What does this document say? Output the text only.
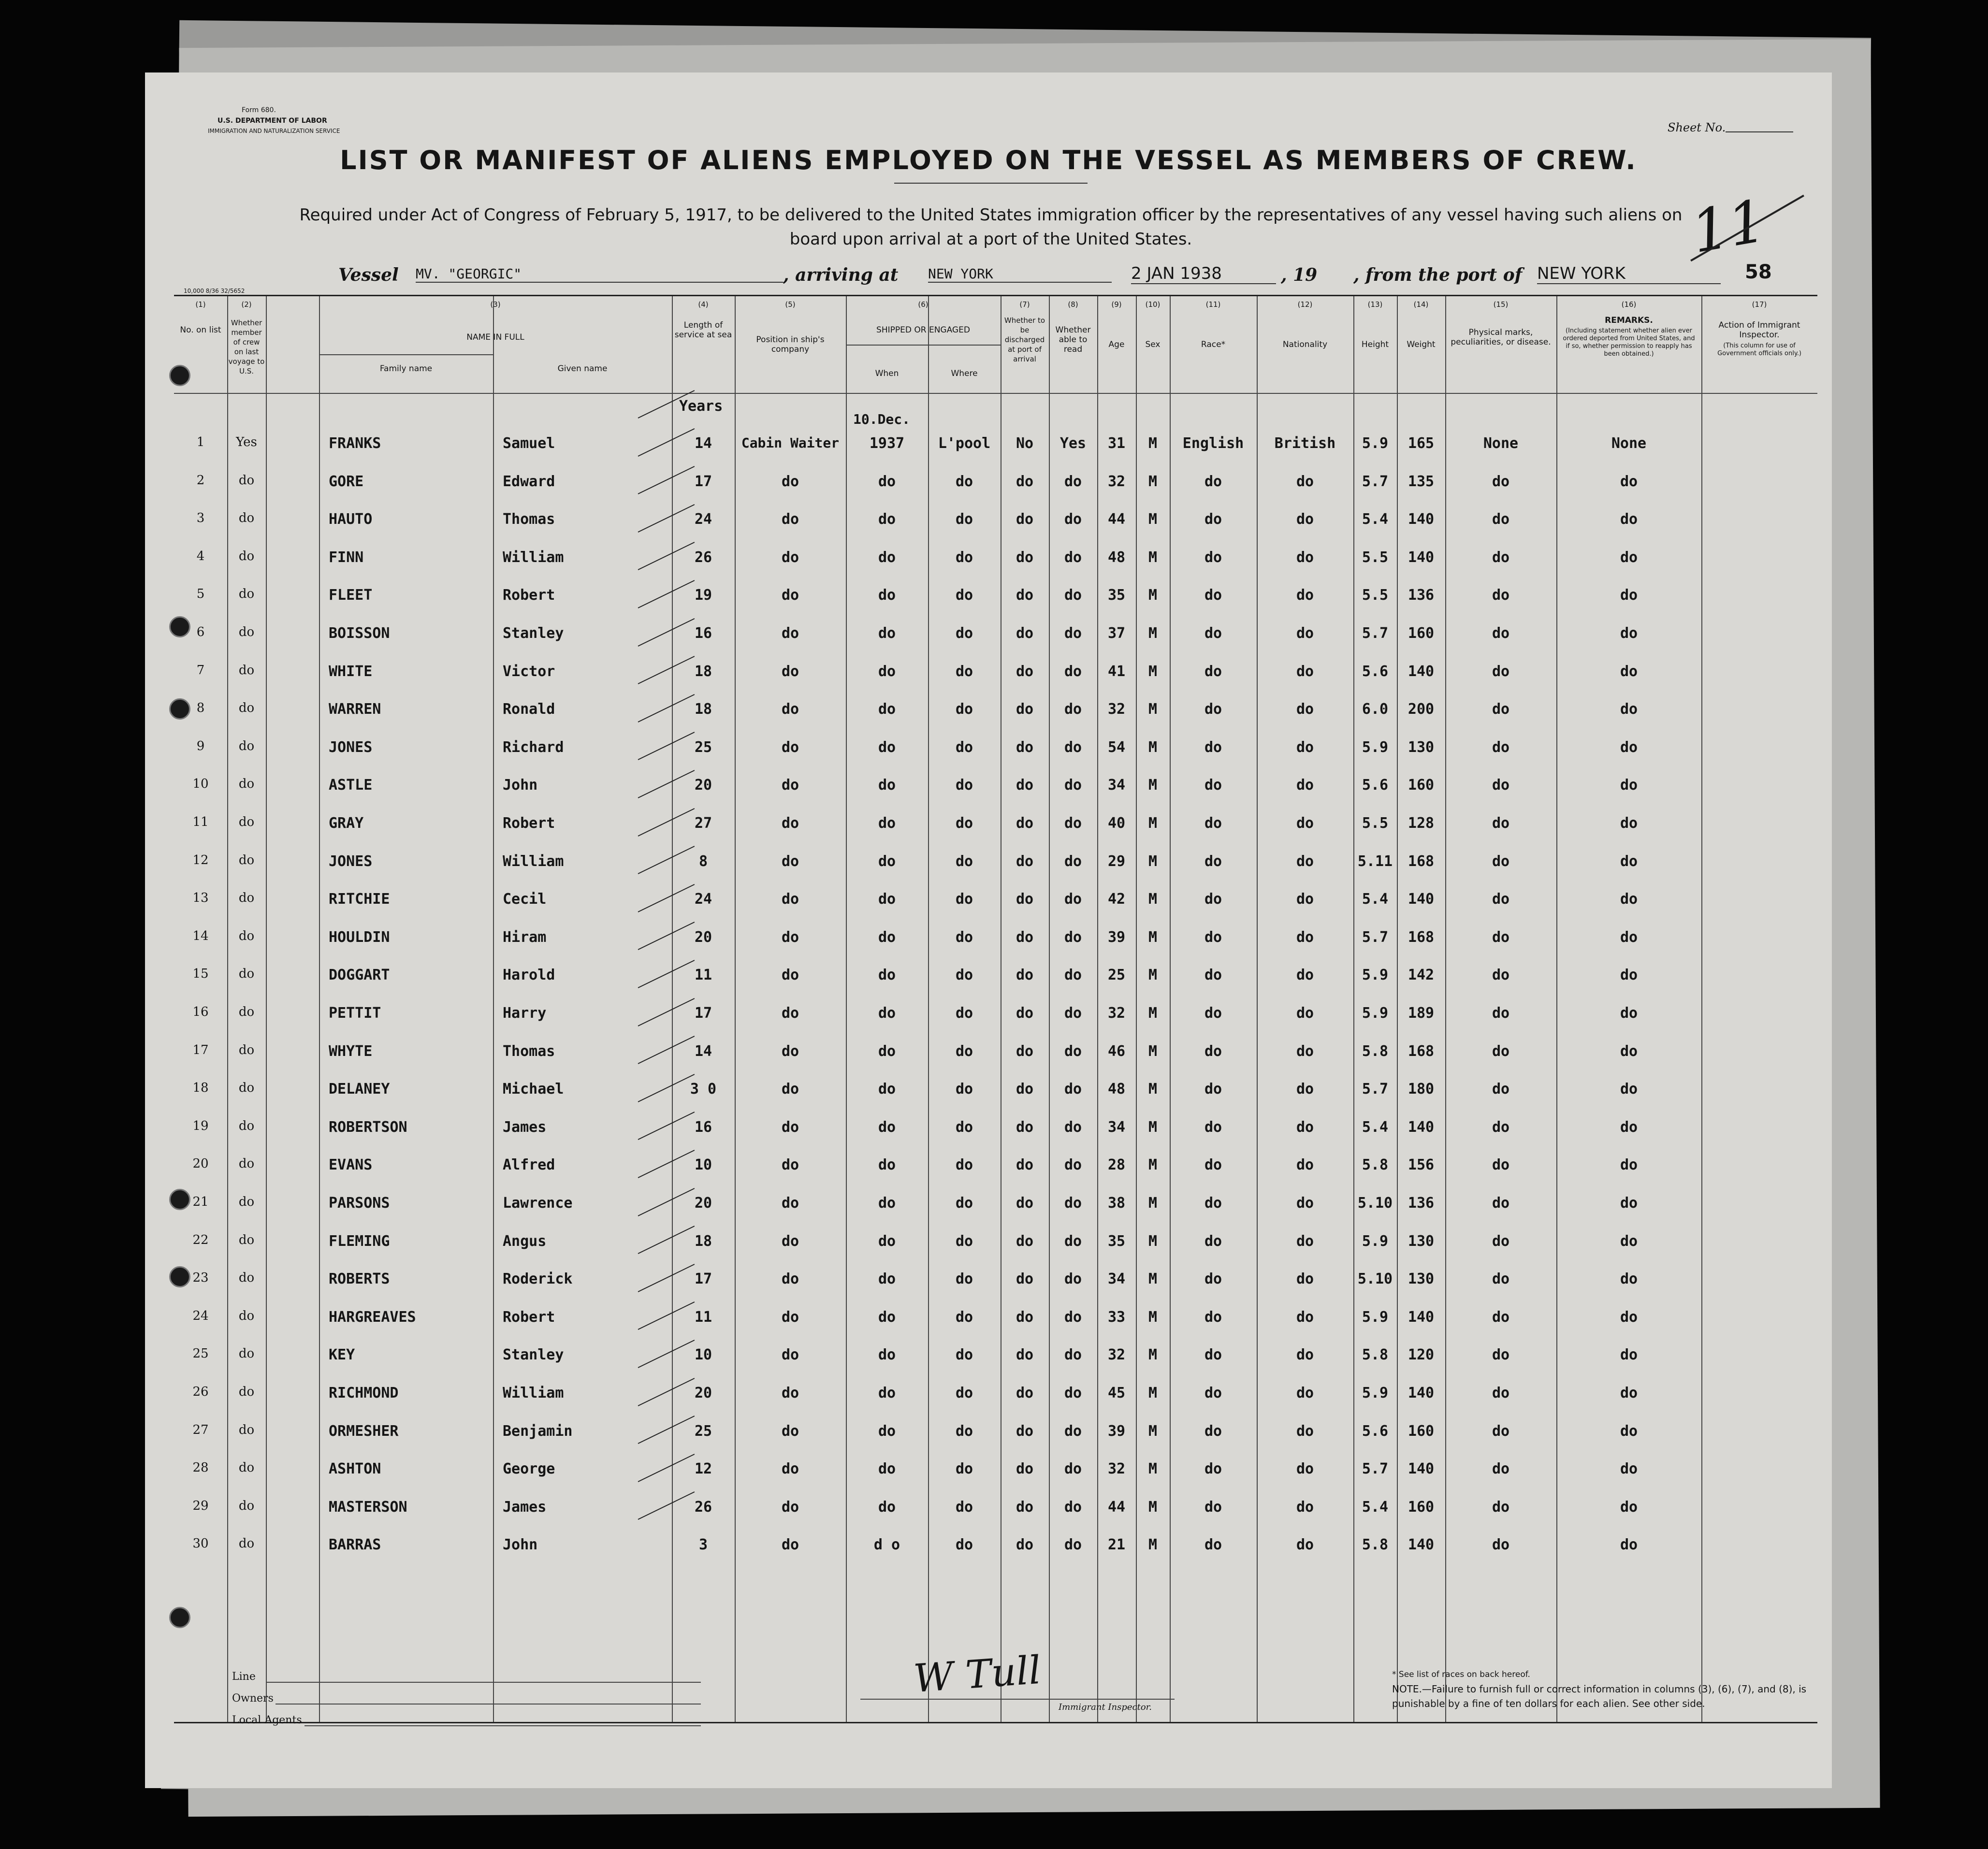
Form 680.
U.S. DEPARTMENT OF LABOR
IMMIGRATION AND NATURALIZATION SERVICE	Sheet No.
LIST OR MANIFEST OF ALIENS EMPLOYED ON THE VESSEL AS MEMBERS OF CREW.
Required under Act of Congress of February 5, 1917, to be delivered to the United States immigration officer by the representatives of any vessel having such aliens on board upon arrival at a port of the United States.	11
Vessel MV. "GEORGIC"	, arriving at NEW YORK	2 JAN 1938	, 19 , from the port of NEW YORK	58
10,000 8/36 32/5652
(1)	(2)	(3)	(4)	(5)	(6)	(7)	(8)	(9)	(10)	(11)	(12)	(13)	(14)	(15)	(16)	(17)
No. on list
Whether member of crew on last voyage to U.S.
NAME IN FULL
Family name	Given name
Length of service at sea	Position in ship's company
SHIPPED OR ENGAGED
When	Where
Whether to be discharged at port of arrival
Whether able to read	Age	Sex	Race*	Nationality	Height	Weight
Physical marks, peculiarities, or disease.
REMARKS.
(Including statement whether alien ever ordered deported from United States, and if so, whether permission to reapply has been obtained.)
Action of Immigrant Inspector.
(This column for use of Government officials only.)
Years
10.Dec.
1	Yes	FRANKS	Samuel	14	Cabin Waiter	1937	L'pool	No	Yes	31	M	English	British	5.9	165	None	None
2	do	GORE	Edward	17	do	do	do	do	do	32	M	do	do	5.7	135	do	do
3	do	HAUTO	Thomas	24	do	do	do	do	do	44	M	do	do	5.4	140	do	do
4	do	FINN	William	26	do	do	do	do	do	48	M	do	do	5.5	140	do	do
5	do	FLEET	Robert	19	do	do	do	do	do	35	M	do	do	5.5	136	do	do
6	do	BOISSON	Stanley	16	do	do	do	do	do	37	M	do	do	5.7	160	do	do
7	do	WHITE	Victor	18	do	do	do	do	do	41	M	do	do	5.6	140	do	do
8	do	WARREN	Ronald	18	do	do	do	do	do	32	M	do	do	6.0	200	do	do
9	do	JONES	Richard	25	do	do	do	do	do	54	M	do	do	5.9	130	do	do
10	do	ASTLE	John	20	do	do	do	do	do	34	M	do	do	5.6	160	do	do
11	do	GRAY	Robert	27	do	do	do	do	do	40	M	do	do	5.5	128	do	do
12	do	JONES	William	8	do	do	do	do	do	29	M	do	do	5.11	168	do	do
13	do	RITCHIE	Cecil	24	do	do	do	do	do	42	M	do	do	5.4	140	do	do
14	do	HOULDIN	Hiram	20	do	do	do	do	do	39	M	do	do	5.7	168	do	do
15	do	DOGGART	Harold	11	do	do	do	do	do	25	M	do	do	5.9	142	do	do
16	do	PETTIT	Harry	17	do	do	do	do	do	32	M	do	do	5.9	189	do	do
17	do	WHYTE	Thomas	14	do	do	do	do	do	46	M	do	do	5.8	168	do	do
18	do	DELANEY	Michael	3 0	do	do	do	do	do	48	M	do	do	5.7	180	do	do
19	do	ROBERTSON	James	16	do	do	do	do	do	34	M	do	do	5.4	140	do	do
20	do	EVANS	Alfred	10	do	do	do	do	do	28	M	do	do	5.8	156	do	do
21	do	PARSONS	Lawrence	20	do	do	do	do	do	38	M	do	do	5.10	136	do	do
22	do	FLEMING	Angus	18	do	do	do	do	do	35	M	do	do	5.9	130	do	do
23	do	ROBERTS	Roderick	17	do	do	do	do	do	34	M	do	do	5.10	130	do	do
24	do	HARGREAVES	Robert	11	do	do	do	do	do	33	M	do	do	5.9	140	do	do
25	do	KEY	Stanley	10	do	do	do	do	do	32	M	do	do	5.8	120	do	do
26	do	RICHMOND	William	20	do	do	do	do	do	45	M	do	do	5.9	140	do	do
27	do	ORMESHER	Benjamin	25	do	do	do	do	do	39	M	do	do	5.6	160	do	do
28	do	ASHTON	George	12	do	do	do	do	do	32	M	do	do	5.7	140	do	do
29	do	MASTERSON	James	26	do	do	do	do	do	44	M	do	do	5.4	160	do	do
30	do	BARRAS	John	3	do	d o	do	do	do	21	M	do	do	5.8	140	do	do
Line
Owners
Local Agents
W Tull
Immigrant Inspector.
* See list of races on back hereof.
NOTE.—Failure to furnish full or correct information in columns (3), (6), (7), and (8), is punishable by a fine of ten dollars for each alien. See other side.
